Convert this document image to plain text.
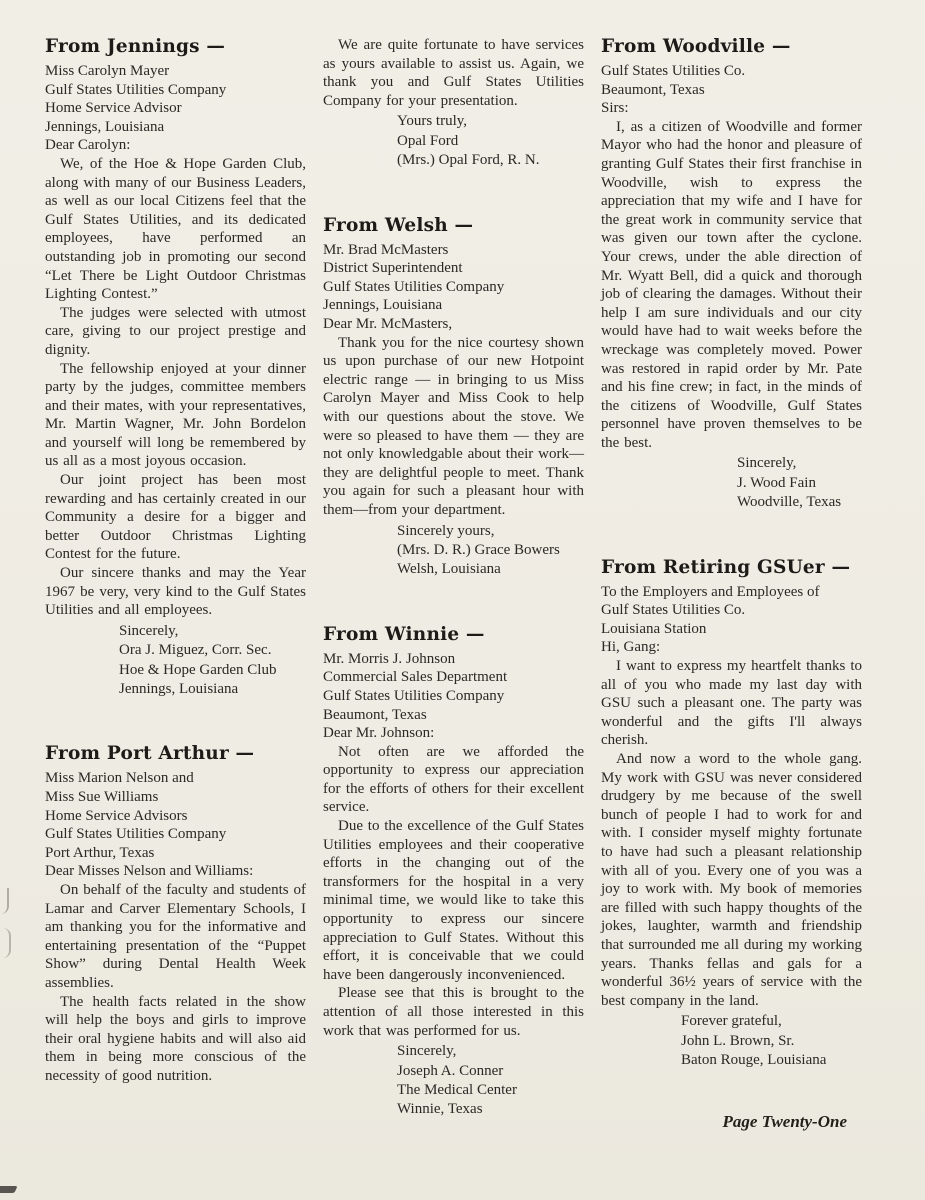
From Jennings —
Miss Carolyn Mayer
Gulf States Utilities Company
Home Service Advisor
Jennings, Louisiana
Dear Carolyn:

We, of the Hoe & Hope Garden Club, along with many of our Business Leaders, as well as our local Citizens feel that the Gulf States Utilities, and its dedicated employees, have performed an outstanding job in promoting our second “Let There be Light Outdoor Christmas Lighting Contest.”

The judges were selected with utmost care, giving to our project prestige and dignity.

The fellowship enjoyed at your dinner party by the judges, committee members and their mates, with your representatives, Mr. Martin Wagner, Mr. John Bordelon and yourself will long be remembered by us all as a most joyous occasion.

Our joint project has been most rewarding and has certainly created in our Community a desire for a bigger and better Outdoor Christmas Lighting Contest for the future.

Our sincere thanks and may the Year 1967 be very, very kind to the Gulf States Utilities and all employees.

Sincerely,
Ora J. Miguez, Corr. Sec.
Hoe & Hope Garden Club
Jennings, Louisiana
From Port Arthur —
Miss Marion Nelson and
Miss Sue Williams
Home Service Advisors
Gulf States Utilities Company
Port Arthur, Texas
Dear Misses Nelson and Williams:

On behalf of the faculty and students of Lamar and Carver Elementary Schools, I am thanking you for the informative and entertaining presentation of the “Puppet Show” during Dental Health Week assemblies.

The health facts related in the show will help the boys and girls to improve their oral hygiene habits and will also aid them in being more conscious of the necessity of good nutrition.

We are quite fortunate to have services as yours available to assist us. Again, we thank you and Gulf States Utilities Company for your presentation.

Yours truly,
Opal Ford
(Mrs.) Opal Ford, R. N.
From Welsh —
Mr. Brad McMasters
District Superintendent
Gulf States Utilities Company
Jennings, Louisiana
Dear Mr. McMasters,

Thank you for the nice courtesy shown us upon purchase of our new Hotpoint electric range — in bringing to us Miss Carolyn Mayer and Miss Cook to help with our questions about the stove. We were so pleased to have them — they are not only knowledgable about their work—they are delightful people to meet. Thank you again for such a pleasant hour with them—from your department.

Sincerely yours,
(Mrs. D. R.) Grace Bowers
Welsh, Louisiana
From Winnie —
Mr. Morris J. Johnson
Commercial Sales Department
Gulf States Utilities Company
Beaumont, Texas
Dear Mr. Johnson:

Not often are we afforded the opportunity to express our appreciation for the efforts of others for their excellent service.

Due to the excellence of the Gulf States Utilities employees and their cooperative efforts in the changing out of the transformers for the hospital in a very minimal time, we would like to take this opportunity to express our sincere appreciation to Gulf States. Without this effort, it is conceivable that we could have been dangerously inconvenienced.

Please see that this is brought to the attention of all those interested in this work that was performed for us.

Sincerely,
Joseph A. Conner
The Medical Center
Winnie, Texas
From Woodville —
Gulf States Utilities Co.
Beaumont, Texas
Sirs:

I, as a citizen of Woodville and former Mayor who had the honor and pleasure of granting Gulf States their first franchise in Woodville, wish to express the appreciation that my wife and I have for the great work in community service that was given our town after the cyclone. Your crews, under the able direction of Mr. Wyatt Bell, did a quick and thorough job of clearing the damages. Without their help I am sure individuals and our city would have had to wait weeks before the wreckage was completely moved. Power was restored in rapid order by Mr. Pate and his fine crew; in fact, in the minds of the citizens of Woodville, Gulf States personnel have proven themselves to be the best.

Sincerely,
J. Wood Fain
Woodville, Texas
From Retiring GSUer —
To the Employers and Employees of
Gulf States Utilities Co.
Louisiana Station
Hi, Gang:

I want to express my heartfelt thanks to all of you who made my last day with GSU such a pleasant one. The party was wonderful and the gifts I'll always cherish.

And now a word to the whole gang. My work with GSU was never considered drudgery by me because of the swell bunch of people I had to work for and with. I consider myself mighty fortunate to have had such a pleasant relationship with all of you. Every one of you was a joy to work with. My book of memories are filled with such happy thoughts of the jokes, laughter, warmth and friendship that surrounded me all during my working years. Thanks fellas and gals for a wonderful 36½ years of service with the best company in the land.

Forever grateful,
John L. Brown, Sr.
Baton Rouge, Louisiana
Page Twenty-One
